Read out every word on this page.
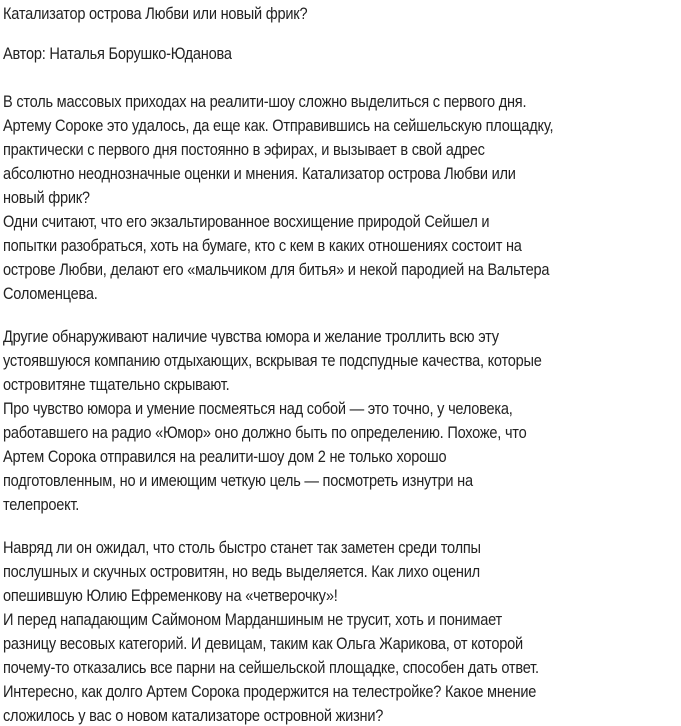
Катализатор острова Любви или новый фрик?
Автор: Наталья Борушко-Юданова
В столь массовых приходах на реалити-шоу сложно выделиться с первого дня.
Артему Сороке это удалось, да еще как. Отправившись на сейшельскую площадку,
практически с первого дня постоянно в эфирах, и вызывает в свой адрес
абсолютно неоднозначные оценки и мнения. Катализатор острова Любви или
новый фрик?
Одни считают, что его экзальтированное восхищение природой Сейшел и
попытки разобраться, хоть на бумаге, кто с кем в каких отношениях состоит на
острове Любви, делают его «мальчиком для битья» и некой пародией на Вальтера
Соломенцева.
Другие обнаруживают наличие чувства юмора и желание троллить всю эту
устоявшуюся компанию отдыхающих, вскрывая те подспудные качества, которые
островитяне тщательно скрывают.
Про чувство юмора и умение посмеяться над собой — это точно, у человека,
работавшего на радио «Юмор» оно должно быть по определению. Похоже, что
Артем Сорока отправился на реалити-шоу дом 2 не только хорошо
подготовленным, но и имеющим четкую цель — посмотреть изнутри на
телепроект.
Навряд ли он ожидал, что столь быстро станет так заметен среди толпы
послушных и скучных островитян, но ведь выделяется. Как лихо оценил
опешившую Юлию Ефременкову на «четверочку»!
И перед нападающим Саймоном Марданшиным не трусит, хоть и понимает
разницу весовых категорий. И девицам, таким как Ольга Жарикова, от которой
почему-то отказались все парни на сейшельской площадке, способен дать ответ.
Интересно, как долго Артем Сорока продержится на телестройке? Какое мнение
сложилось у вас о новом катализаторе островной жизни?
